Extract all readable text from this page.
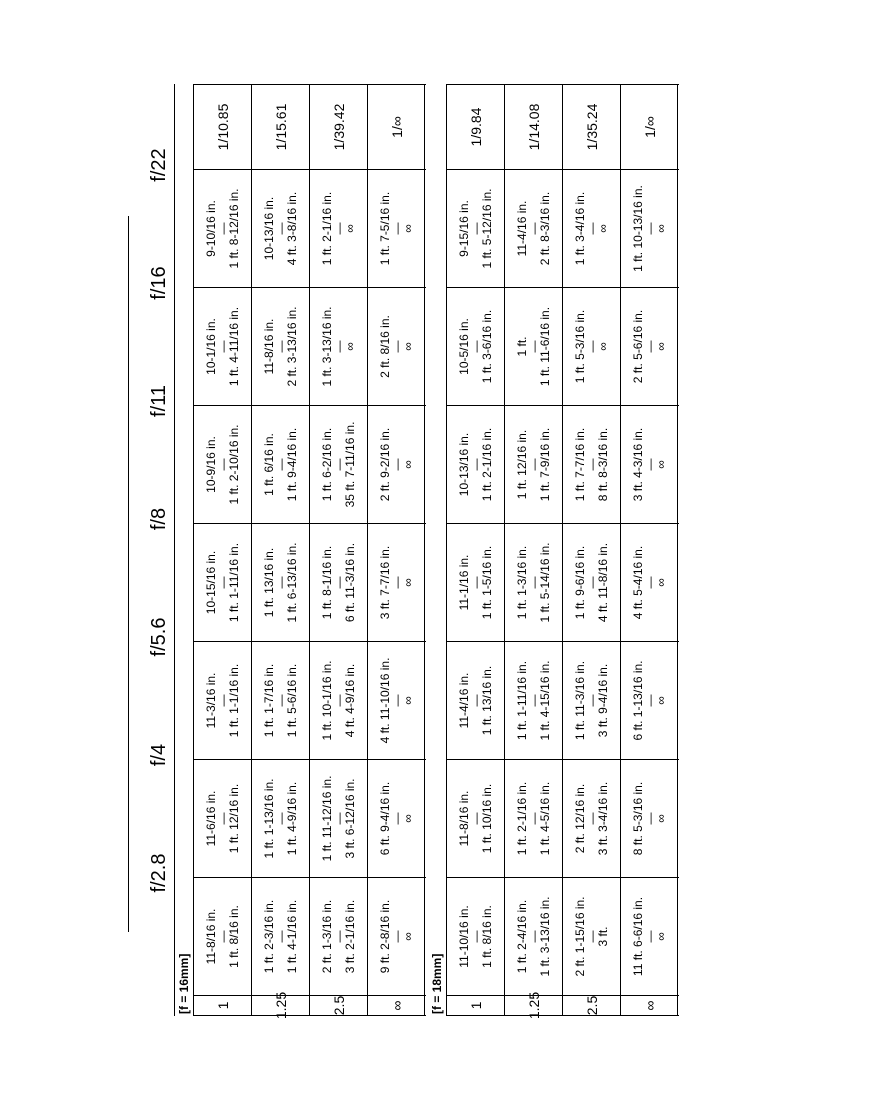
f/2.8
f/4
f/5.6
f/8
f/11
f/16
f/22
[f = 16mm]	1
11-8/16 in.
—
1 ft. 8/16 in.
11-6/16 in.
—
1 ft. 12/16 in.
11-3/16 in.
—
1 ft. 1-1/16 in.
10-15/16 in.
—
1 ft. 1-11/16 in.
10-9/16 in.
—
1 ft. 2-10/16 in.
10-1/16 in.
—
1 ft. 4-11/16 in.
9-10/16 in.
—
1 ft. 8-12/16 in.
1/10.85
1.25
1 ft. 2-3/16 in.
—
1 ft. 4-1/16 in.
1 ft. 1-13/16 in.
—
1 ft. 4-9/16 in.
1 ft. 1-7/16 in.
—
1 ft. 5-6/16 in.
1 ft. 13/16 in.
—
1 ft. 6-13/16 in.
1 ft. 6/16 in.
—
1 ft. 9-4/16 in.
11-8/16 in.
—
2 ft. 3-13/16 in.
10-13/16 in.
—
4 ft. 3-8/16 in.
1/15.61
2.5
2 ft. 1-3/16 in.
—
3 ft. 2-1/16 in.
1 ft. 11-12/16 in.
—
3 ft. 6-12/16 in.
1 ft. 10-1/16 in.
—
4 ft. 4-9/16 in.
1 ft. 8-1/16 in.
—
6 ft. 11-3/16 in.
1 ft. 6-2/16 in.
—
35 ft. 7-11/16 in.
1 ft. 3-13/16 in.
—
∞
1 ft. 2-1/16 in.
—
∞
1/39.42
∞
9 ft. 2-8/16 in.
—
∞
6 ft. 9-4/16 in.
—
∞
4 ft. 11-10/16 in.
—
∞
3 ft. 7-7/16 in.
—
∞
2 ft. 9-2/16 in.
—
∞
2 ft. 8/16 in.
—
∞
1 ft. 7-5/16 in.
—
∞
1/∞
[f = 18mm]	1
11-10/16 in.
—
1 ft. 8/16 in.
11-8/16 in.
—
1 ft. 10/16 in.
11-4/16 in.
—
1 ft. 13/16 in.
11-1/16 in.
—
1 ft. 1-5/16 in.
10-13/16 in.
—
1 ft. 2-1/16 in.
10-5/16 in.
—
1 ft. 3-6/16 in.
9-15/16 in.
—
1 ft. 5-12/16 in.
1/9.84
1.25
1 ft. 2-4/16 in.
—
1 ft. 3-13/16 in.
1 ft. 2-1/16 in.
—
1 ft. 4-5/16 in.
1 ft. 1-11/16 in.
—
1 ft. 4-15/16 in.
1 ft. 1-3/16 in.
—
1 ft. 5-14/16 in.
1 ft. 12/16 in.
—
1 ft. 7-9/16 in.
1 ft.
—
1 ft. 11-6/16 in.
11-4/16 in.
—
2 ft. 8-3/16 in.
1/14.08
2.5
2 ft. 1-15/16 in.
—
3 ft.
2 ft. 12/16 in.
—
3 ft. 3-4/16 in.
1 ft. 11-3/16 in.
—
3 ft. 9-4/16 in.
1 ft. 9-6/16 in.
—
4 ft. 11-8/16 in.
1 ft. 7-7/16 in.
—
8 ft. 8-3/16 in.
1 ft. 5-3/16 in.
—
∞
1 ft. 3-4/16 in.
—
∞
1/35.24
∞
11 ft. 6-6/16 in.
—
∞
8 ft. 5-3/16 in.
—
∞
6 ft. 1-13/16 in.
—
∞
4 ft. 5-4/16 in.
—
∞
3 ft. 4-3/16 in.
—
∞
2 ft. 5-6/16 in.
—
∞
1 ft. 10-13/16 in.
—
∞
1/∞
